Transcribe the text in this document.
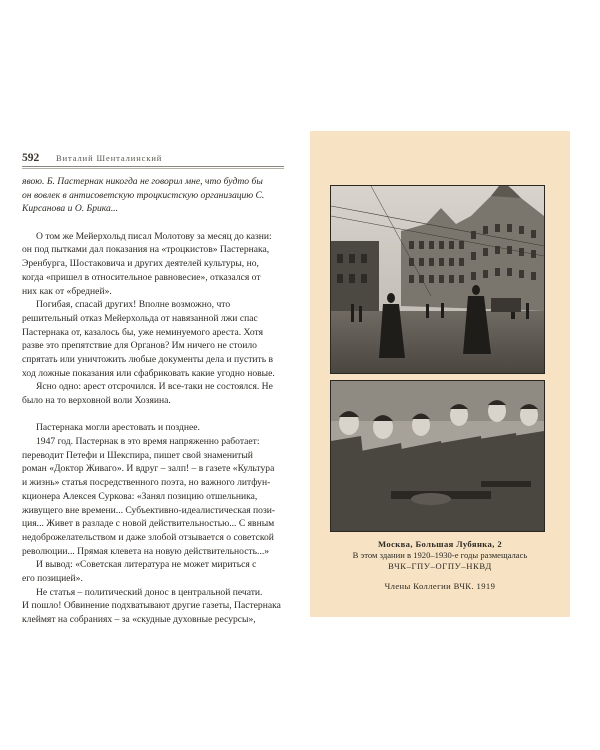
592 Виталий Шенталинский
явою. Б. Пастернак никогда не говорил мне, что будто бы
он вовлек в антисоветскую троцкистскую организацию С.
Кирсанова и О. Брика...
О том же Мейерхольд писал Молотову за месяц до казни:
он под пытками дал показания на «троцкистов» Пастернака,
Эренбурга, Шостаковича и других деятелей культуры, но,
когда «пришел в относительное равновесие», отказался от
них как от «бредней».
Погибая, спасай других! Вполне возможно, что
решительный отказ Мейерхольда от навязанной лжи спас
Пастернака от, казалось бы, уже неминуемого ареста. Хотя
разве это препятствие для Органов? Им ничего не стоило
спрятать или уничтожить любые документы дела и пустить в
ход ложные показания или сфабриковать какие угодно новые.
Ясно одно: арест отсрочился. И все-таки не состоялся. Не
было на то верховной воли Хозяина.
Пастернака могли арестовать и позднее.
1947 год. Пастернак в это время напряженно работает:
переводит Петефи и Шекспира, пишет свой знаменитый
роман «Доктор Живаго». И вдруг – залп! – в газете «Культура
и жизнь» статья посредственного поэта, но важного литфун-
кционера Алексея Суркова: «Занял позицию отшельника,
живущего вне времени... Субъективно-идеалистическая пози-
ция... Живет в разладе с новой действительностью... С явным
недоброжелательством и даже злобой отзывается о советской
революции... Прямая клевета на новую действительность...»
И вывод: «Советская литература не может мириться с
его позицией».
Не статья – политический донос в центральной печати.
И пошло! Обвинение подхватывают другие газеты, Пастернака
клеймят на собраниях – за «скудные духовные ресурсы»,
Москва, Большая Лубянка, 2
В этом здании в 1920–1930-е годы размещалась
ВЧК–ГПУ–ОГПУ–НКВД
Члены Коллегии ВЧК. 1919
